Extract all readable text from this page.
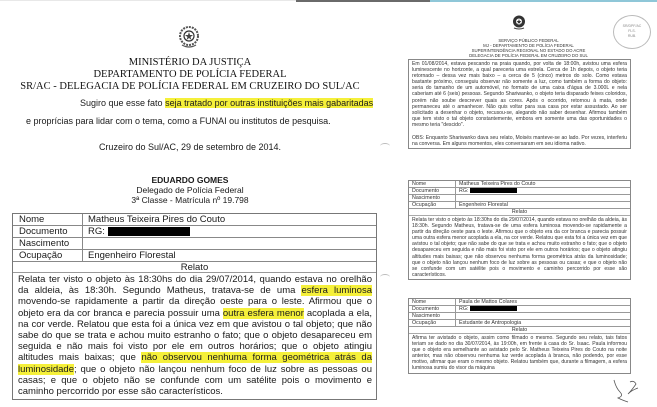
MINISTÉRIO DA JUSTIÇA
DEPARTAMENTO DE POLÍCIA FEDERAL
SR/AC - DELEGACIA DE POLÍCIA FEDERAL EM CRUZEIRO DO SUL/AC
Sugiro que esse fato seja tratado por outras instituições mais gabaritadas
e proprícias para lidar com o tema, como a FUNAI ou institutos de pesquisa.
Cruzeiro do Sul/AC, 29 de setembro de 2014.
EDUARDO GOMES
Delegado de Polícia Federal
3ª Classe - Matrícula nº 19.798
Nome	Matheus Teixeira Pires do Couto
Documento	RG:
Nascimento
Ocupação	Engenheiro Florestal
Relato
Relata ter visto o objeto às 18:30hs do dia 29/07/2014, quando estava no orelhão da aldeia, às 18:30h. Segundo Matheus, tratava-se de uma esfera luminosa movendo-se rapidamente a partir da direção oeste para o leste. Afirmou que o objeto era da cor branca e parecia possuir uma outra esfera menor acoplada a ela, na cor verde. Relatou que esta foi a única vez em que avistou o tal objeto; que não sabe do que se trata e achou muito estranho o fato; que o objeto desapareceu em seguida e não mais foi visto por ele em outros horários; que o objeto atingiu altitudes mais baixas; que não observou nenhuma forma geométrica atrás da luminosidade; que o objeto não lançou nenhum foco de luz sobre as pessoas ou casas; e que o objeto não se confunde com um satélite pois o movimento e caminho percorrido por esse são característicos.
SERVIÇO PÚBLICO FEDERAL
MJ - DEPARTAMENTO DE POLÍCIA FEDERAL
SUPERINTENDÊNCIA REGIONAL NO ESTADO DO ACRE
DELEGACIA DE POLÍCIA FEDERAL EM CRUZEIRO DO SUL
SR/DPF/AC
FLS.
RUB.
Em 01/08/2014, estava pescando na praia quando, por volta de 18:00h, avistou uma esfera luminescente no horizonte, a qual pareceria uma estrela. Cerca de 1h depois, o objeto teria retornado – dessa vez mais baixo – a cerca de 5 (cinco) metros do solo. Como estava bastante próximo, conseguiu observar não somente a luz, como também a forma do objeto: seria do tamanho de um automóvel, no formato de uma caixa d'água de 3.000L e nela caberiam até 6 (seis) pessoas. Segundo Shariwanko, o objeto teria disparado feixes coloridos, porém não soube descrever quais as cores. Após o ocorrido, retornou à mata, onde permaneceu até o amanhecer. Não quis voltar para sua casa por estar assustado. Ao ser solicitado a desenhar o objeto, recusou-se, alegando não saber desenhar. Afirmou também que tem visto o tal objeto constantemente, embora em somente uma das oportunidades o mesmo teria "descido".
OBS: Enquanto Shariwanko dava seu relato, Moisés manteve-se ao lado. Por vezes, interferiu na conversa. Em alguns momentos, eles conversaram em seu idioma nativo.
Nome	Matheus Teixeira Pires do Couto
Documento	RG:
Nascimento
Ocupação	Engenheiro Florestal
Relato
Relata ter visto o objeto às 18:30hs do dia 29/07/2014, quando estava no orelhão da aldeia, às 18:30h. Segundo Matheus, tratava-se de uma esfera luminosa movendo-se rapidamente a partir da direção oeste para o leste. Afirmou que o objeto era da cor branca e parecia possuir uma outra esfera menor acoplada a ela, na cor verde. Relatou que esta foi a única vez em que avistou o tal objeto; que não sabe do que se trata e achou muito estranho o fato; que o objeto desapareceu em seguida e não mais foi visto por ele em outros horários; que o objeto atingiu altitudes mais baixas; que não observou nenhuma forma geométrica atrás da luminosidade; que o objeto não lançou nenhum foco de luz sobre as pessoas ou casas; e que o objeto não se confunde com um satélite pois o movimento e caminho percorrido por esse são característicos.
Nome	Paula de Mattos Colares
Documento	RG:
Nascimento
Ocupação	Estudante de Antropologia
Relato
Afirma ter avistado o objeto, assim como filmado o mesmo. Segundo seu relato, tais fatos teriam se dado no dia 30/07/2014, às 19:00h, em frente à casa do Sr. Isaac. Paula informou que o objeto era semelhante ao avistado pelo Sr. Matheus Teixeira Pires do Couto na noite anterior, mas não observou nenhuma luz verde acoplada à branca, não podendo, por esse motivo, afirmar que eram o mesmo objeto. Relatou também que, durante a filmagem, a esfera luminosa sumiu do visor da máquina
